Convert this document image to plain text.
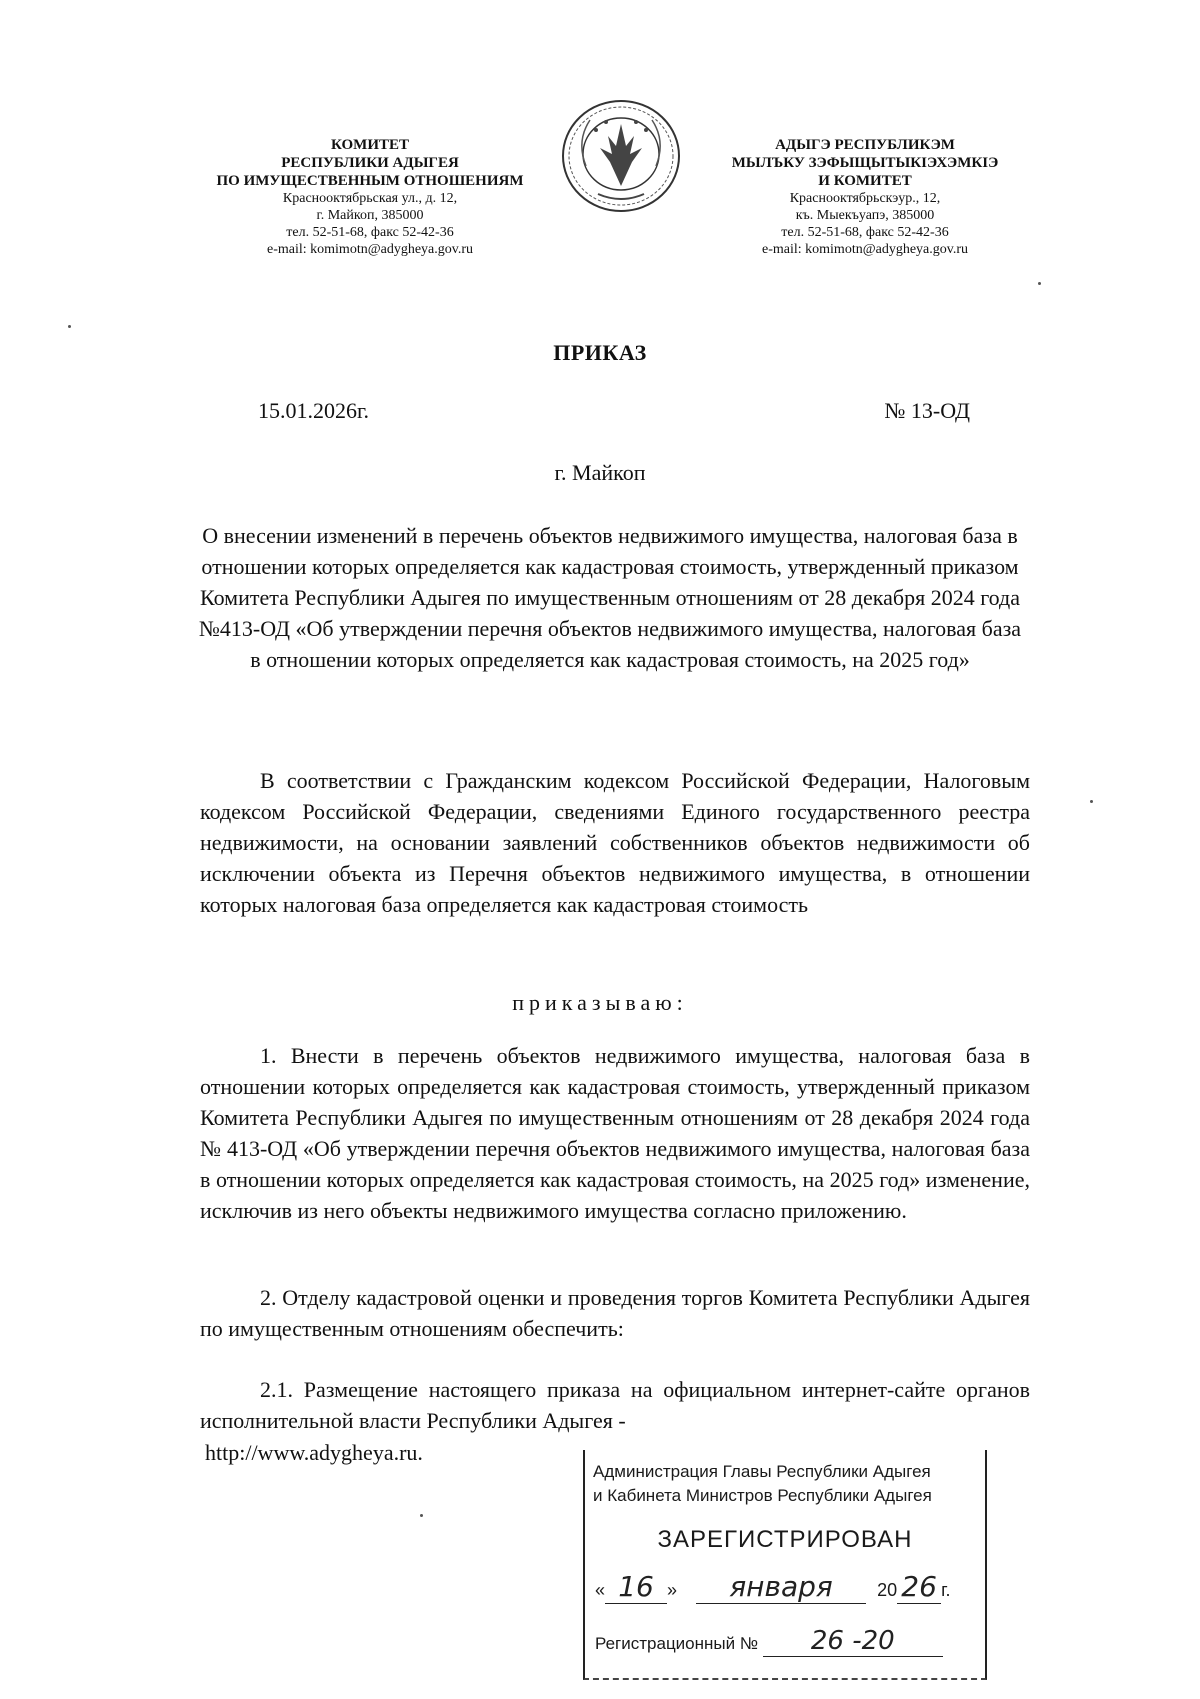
КОМИТЕТ
РЕСПУБЛИКИ АДЫГЕЯ
ПО ИМУЩЕСТВЕННЫМ ОТНОШЕНИЯМ
Краснооктябрьская ул., д. 12,
г. Майкоп, 385000
тел. 52-51-68, факс 52-42-36
e-mail: komimotn@adygheya.gov.ru
АДЫГЭ РЕСПУБЛИКЭМ
МЫЛЪКУ ЗЭФЫЩЫТЫКIЭХЭМКIЭ
И КОМИТЕТ
Краснооктябрьскэур., 12,
къ. Мыекъуапэ, 385000
тел. 52-51-68, факс 52-42-36
e-mail: komimotn@adygheya.gov.ru
ПРИКАЗ
15.01.2026г.	№ 13-ОД
г. Майкоп
О внесении изменений в перечень объектов недвижимого имущества, налоговая база в отношении которых определяется как кадастровая стоимость, утвержденный приказом Комитета Республики Адыгея по имущественным отношениям от 28 декабря 2024 года №413-ОД «Об утверждении перечня объектов недвижимого имущества, налоговая база в отношении которых определяется как кадастровая стоимость, на 2025 год»

В соответствии с Гражданским кодексом Российской Федерации, Налоговым кодексом Российской Федерации, сведениями Единого государственного реестра недвижимости, на основании заявлений собственников объектов недвижимости об исключении объекта из Перечня объектов недвижимого имущества, в отношении которых налоговая база определяется как кадастровая стоимость

приказываю:

1. Внести в перечень объектов недвижимого имущества, налоговая база в отношении которых определяется как кадастровая стоимость, утвержденный приказом Комитета Республики Адыгея по имущественным отношениям от 28 декабря 2024 года № 413-ОД «Об утверждении перечня объектов недвижимого имущества, налоговая база в отношении которых определяется как кадастровая стоимость, на 2025 год» изменение, исключив из него объекты недвижимого имущества согласно приложению.

2. Отделу кадастровой оценки и проведения торгов Комитета Республики Адыгея по имущественным отношениям обеспечить:

2.1. Размещение настоящего приказа на официальном интернет-сайте органов исполнительной власти Республики Адыгея -

http://www.adygheya.ru.
Администрация Главы Республики Адыгея
и Кабинета Министров Республики Адыгея
ЗАРЕГИСТРИРОВАН
« 16 » января 20 26 г.
Регистрационный № 26 -20
